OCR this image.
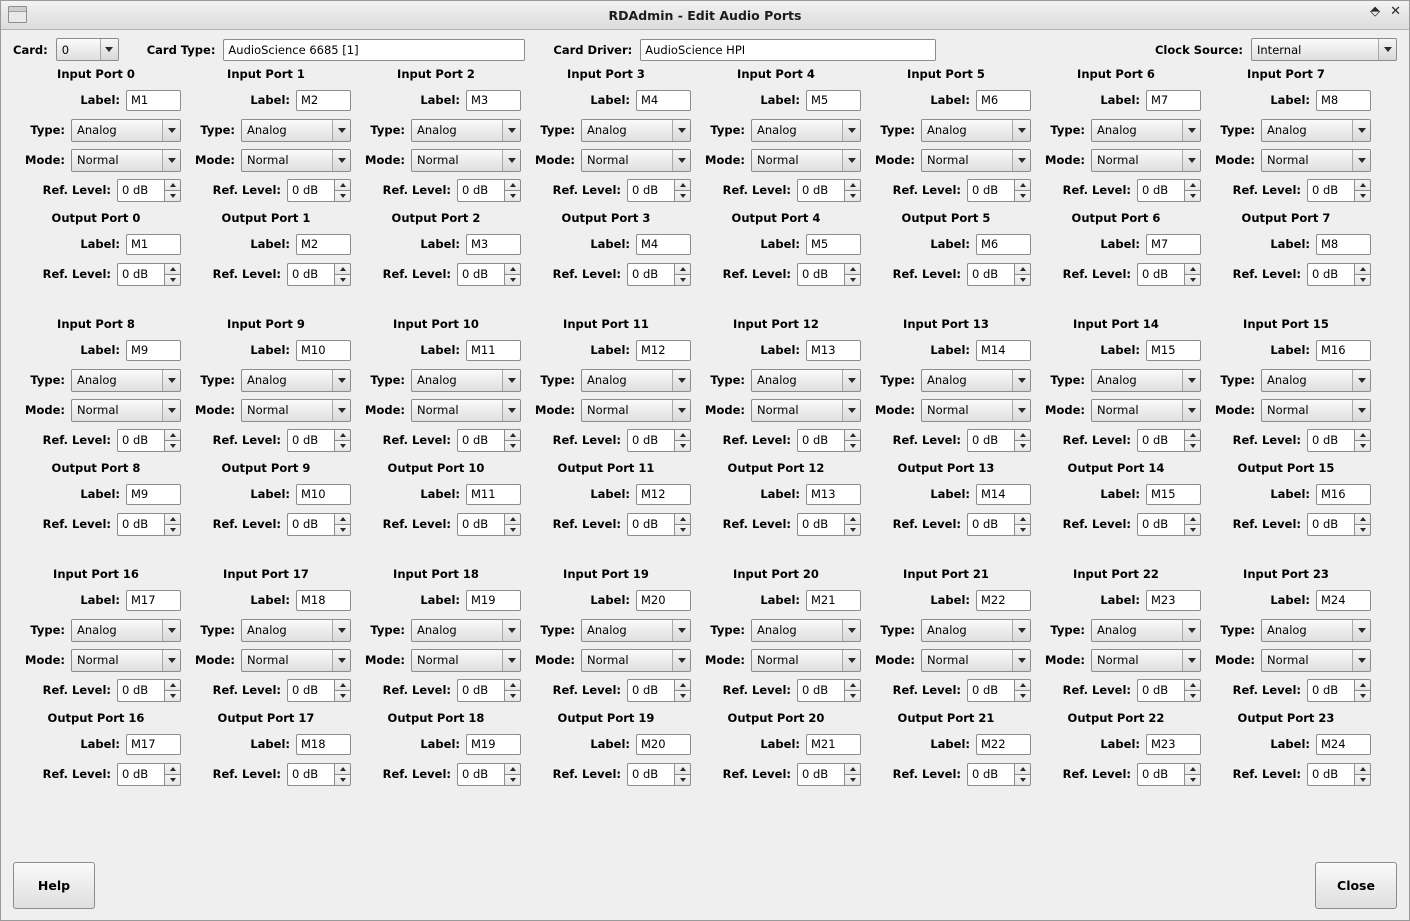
RDAdmin - Edit Audio Ports	⬘ ✕
Card: 0	Card Type:
AudioScience 6685 [1]	Card Driver:
AudioScience HPI	Clock Source: Internal
Input Port 0
Label:
M1
Type: Analog
Mode: Normal
Ref. Level: 0 dB
Input Port 1
Label:
M2
Type: Analog
Mode: Normal
Ref. Level: 0 dB
Input Port 2
Label:
M3
Type: Analog
Mode: Normal
Ref. Level: 0 dB
Input Port 3
Label:
M4
Type: Analog
Mode: Normal
Ref. Level: 0 dB
Input Port 4
Label:
M5
Type: Analog
Mode: Normal
Ref. Level: 0 dB
Input Port 5
Label:
M6
Type: Analog
Mode: Normal
Ref. Level: 0 dB
Input Port 6
Label:
M7
Type: Analog
Mode: Normal
Ref. Level: 0 dB
Input Port 7
Label:
M8
Type: Analog
Mode: Normal
Ref. Level: 0 dB
Output Port 0
Label:
M1
Ref. Level: 0 dB
Output Port 1
Label:
M2
Ref. Level: 0 dB
Output Port 2
Label:
M3
Ref. Level: 0 dB
Output Port 3
Label:
M4
Ref. Level: 0 dB
Output Port 4
Label:
M5
Ref. Level: 0 dB
Output Port 5
Label:
M6
Ref. Level: 0 dB
Output Port 6
Label:
M7
Ref. Level: 0 dB
Output Port 7
Label:
M8
Ref. Level: 0 dB
Input Port 8
Label:
M9
Type: Analog
Mode: Normal
Ref. Level: 0 dB
Input Port 9
Label:
M10
Type: Analog
Mode: Normal
Ref. Level: 0 dB
Input Port 10
Label:
M11
Type: Analog
Mode: Normal
Ref. Level: 0 dB
Input Port 11
Label:
M12
Type: Analog
Mode: Normal
Ref. Level: 0 dB
Input Port 12
Label:
M13
Type: Analog
Mode: Normal
Ref. Level: 0 dB
Input Port 13
Label:
M14
Type: Analog
Mode: Normal
Ref. Level: 0 dB
Input Port 14
Label:
M15
Type: Analog
Mode: Normal
Ref. Level: 0 dB
Input Port 15
Label:
M16
Type: Analog
Mode: Normal
Ref. Level: 0 dB
Output Port 8
Label:
M9
Ref. Level: 0 dB
Output Port 9
Label:
M10
Ref. Level: 0 dB
Output Port 10
Label:
M11
Ref. Level: 0 dB
Output Port 11
Label:
M12
Ref. Level: 0 dB
Output Port 12
Label:
M13
Ref. Level: 0 dB
Output Port 13
Label:
M14
Ref. Level: 0 dB
Output Port 14
Label:
M15
Ref. Level: 0 dB
Output Port 15
Label:
M16
Ref. Level: 0 dB
Input Port 16
Label:
M17
Type: Analog
Mode: Normal
Ref. Level: 0 dB
Input Port 17
Label:
M18
Type: Analog
Mode: Normal
Ref. Level: 0 dB
Input Port 18
Label:
M19
Type: Analog
Mode: Normal
Ref. Level: 0 dB
Input Port 19
Label:
M20
Type: Analog
Mode: Normal
Ref. Level: 0 dB
Input Port 20
Label:
M21
Type: Analog
Mode: Normal
Ref. Level: 0 dB
Input Port 21
Label:
M22
Type: Analog
Mode: Normal
Ref. Level: 0 dB
Input Port 22
Label:
M23
Type: Analog
Mode: Normal
Ref. Level: 0 dB
Input Port 23
Label:
M24
Type: Analog
Mode: Normal
Ref. Level: 0 dB
Output Port 16
Label:
M17
Ref. Level: 0 dB
Output Port 17
Label:
M18
Ref. Level: 0 dB
Output Port 18
Label:
M19
Ref. Level: 0 dB
Output Port 19
Label:
M20
Ref. Level: 0 dB
Output Port 20
Label:
M21
Ref. Level: 0 dB
Output Port 21
Label:
M22
Ref. Level: 0 dB
Output Port 22
Label:
M23
Ref. Level: 0 dB
Output Port 23
Label:
M24
Ref. Level: 0 dB
Help	Close
